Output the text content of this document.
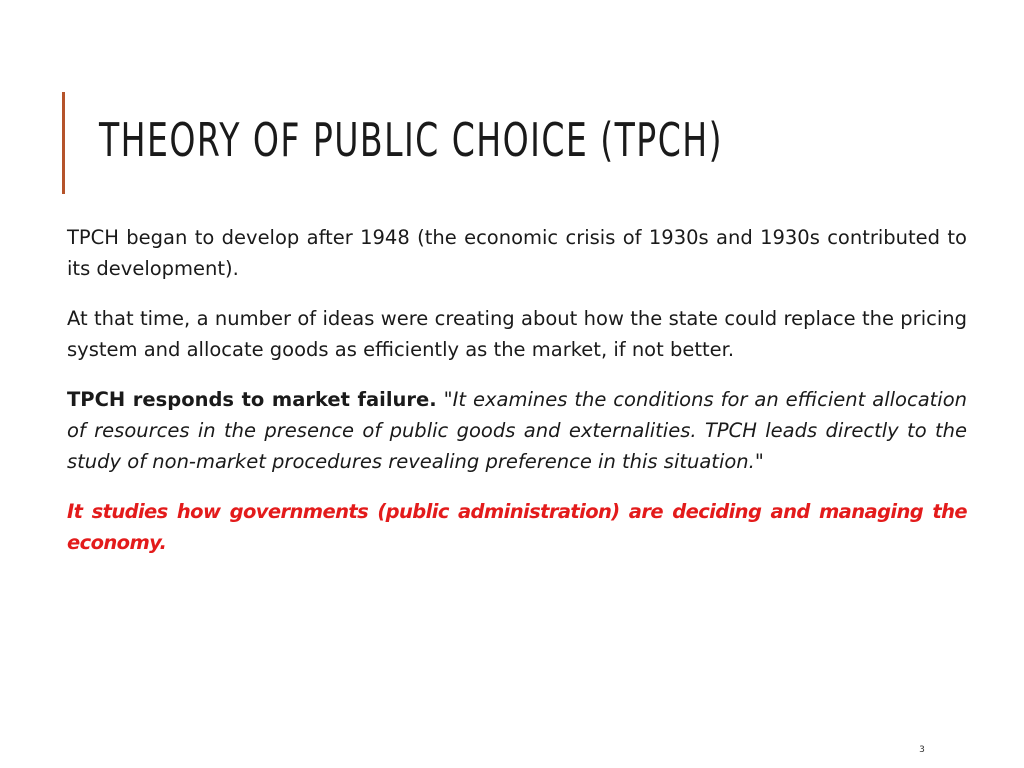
THEORY OF PUBLIC CHOICE (TPCH)

TPCH began to develop after 1948 (the economic crisis of 1930s and 1930s contributed to its development).

At that time, a number of ideas were creating about how the state could replace the pricing system and allocate goods as efficiently as the market, if not better.

TPCH responds to market failure. "It examines the conditions for an efficient allocation of resources in the presence of public goods and externalities. TPCH leads directly to the study of non-market procedures revealing preference in this situation."

It studies how governments (public administration) are deciding and managing the economy.

3
